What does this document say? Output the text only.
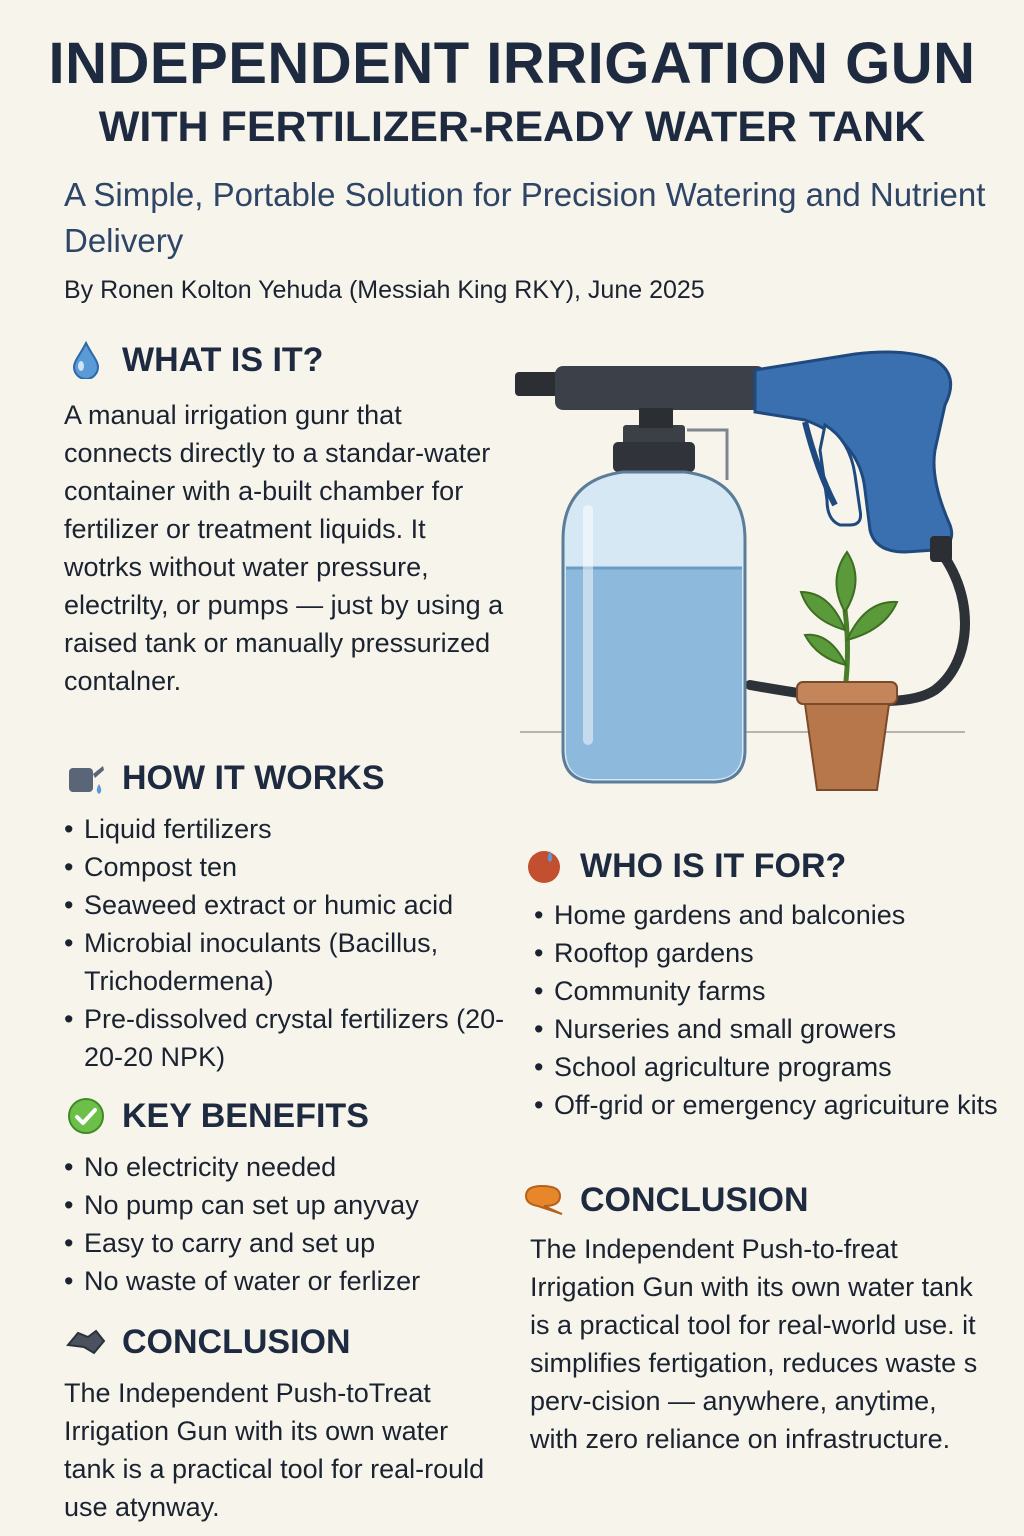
INDEPENDENT IRRIGATION GUN
WITH FERTILIZER-READY WATER TANK

A Simple, Portable Solution for Precision Watering and Nutrient Delivery

By Ronen Kolton Yehuda (Messiah King RKY), June 2025
WHAT IS IT?

A manual irrigation gunr that connects directly to a standar-water container with a-built chamber for fertilizer or treatment liquids. It wotrks without water pressure, electrilty, or pumps — just by using a raised tank or manually pressurized contalner.

HOW IT WORKS
• Liquid fertilizers
• Compost ten
• Seaweed extract or humic acid
• Microbial inoculants (Bacillus, Trichodermena)
• Pre-dissolved crystal fertilizers (20-20-20 NPK)
KEY BENEFITS
• No electricity needed
• No pump can set up anyvay
• Easy to carry and set up
• No waste of water or ferlizer
CONCLUSION

The Independent Push-toTreat Irrigation Gun with its own water tank is a practical tool for real-rould use atynway.

WHO IS IT FOR?
• Home gardens and balconies
• Rooftop gardens
• Community farms
• Nurseries and small growers
• School agriculture programs
• Off-grid or emergency agricuiture kits
CONCLUSION

The Independent Push-to-freat Irrigation Gun with its own water tank is a practical tool for real-world use. it simplifies fertigation, reduces waste s perv-cision — anywhere, anytime, with zero reliance on infrastructure.
